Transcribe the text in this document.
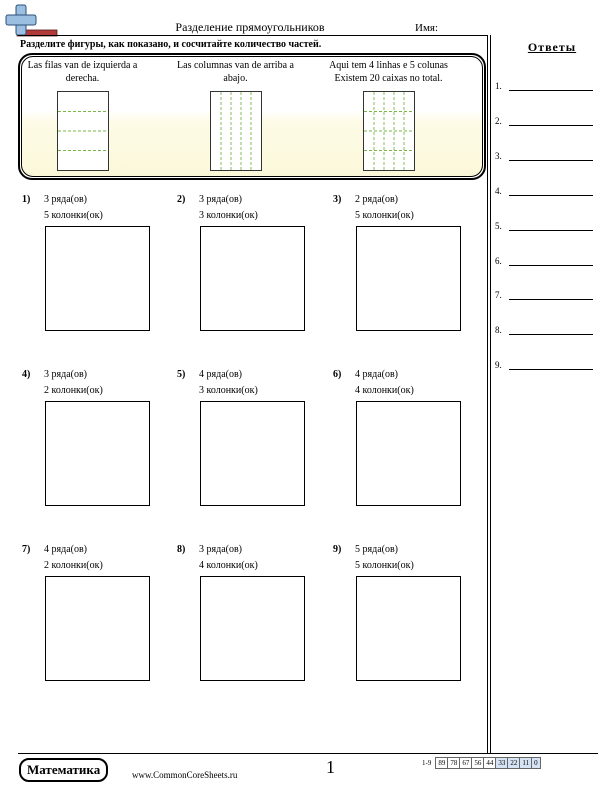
Разделение прямоугольников	Имя:
Разделите фигуры, как показано, и сосчитайте количество частей.
Las filas van de izquierda a derecha.
Las columnas van de arriba a abajo.
Aqui tem 4 linhas e 5 colunas Existem 20 caixas no total.
1) 3 ряда(ов)
5 колонки(ок)
2) 3 ряда(ов)
3 колонки(ок)
3) 2 ряда(ов)
5 колонки(ок)
4) 3 ряда(ов)
2 колонки(ок)
5) 4 ряда(ов)
3 колонки(ок)
6) 4 ряда(ов)
4 колонки(ок)
7) 4 ряда(ов)
2 колонки(ок)
8) 3 ряда(ов)
4 колонки(ок)
9) 5 ряда(ов)
5 колонки(ок)
Ответы
1.
2.
3.
4.
5.
6.
7.
8.
9.
Математика	www.CommonCoreSheets.ru	1	1-9	89	78	67	56	44	33	22	11	0
